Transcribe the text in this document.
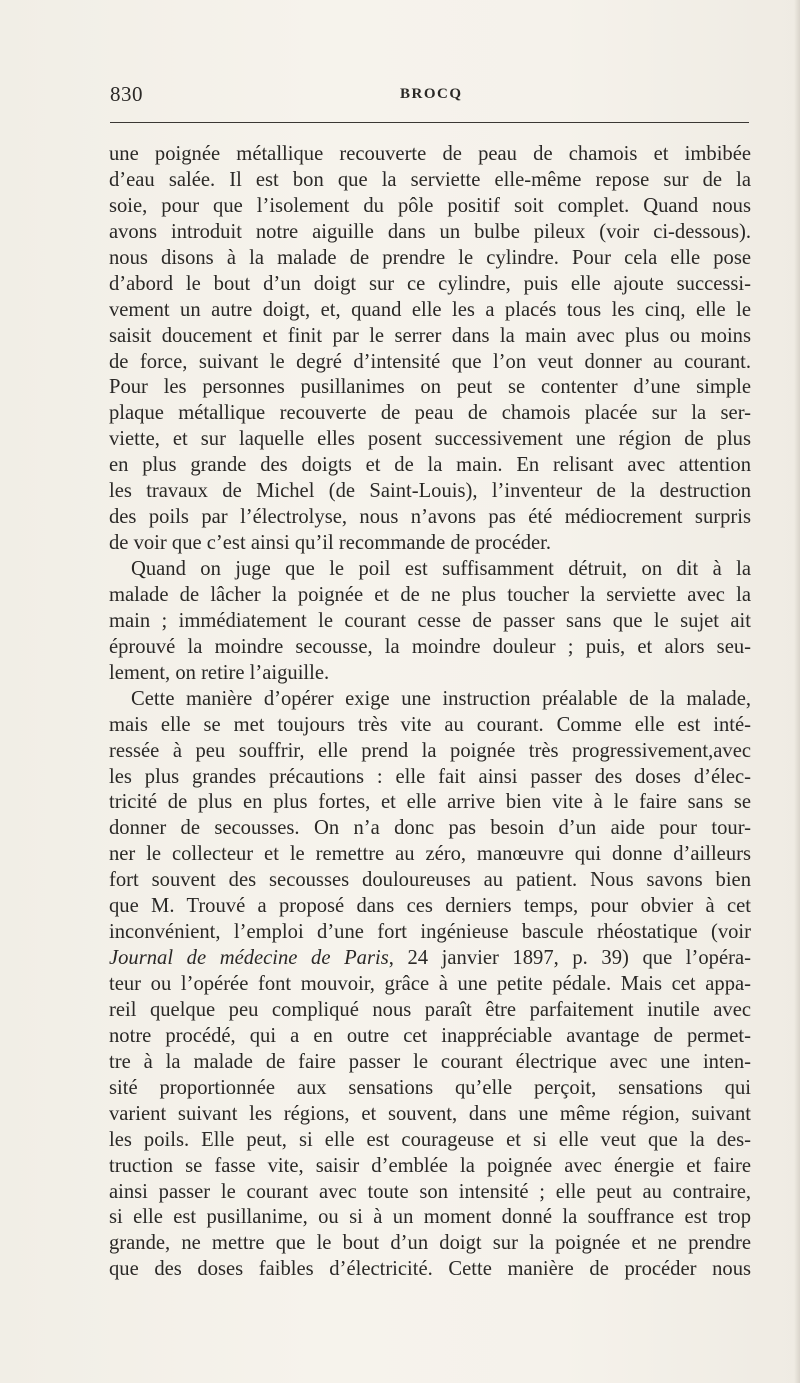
830	BROCQ
une poignée métallique recouverte de peau de chamois et imbibée
d’eau salée. Il est bon que la serviette elle-même repose sur de la
soie, pour que l’isolement du pôle positif soit complet. Quand nous
avons introduit notre aiguille dans un bulbe pileux (voir ci-dessous).
nous disons à la malade de prendre le cylindre. Pour cela elle pose
d’abord le bout d’un doigt sur ce cylindre, puis elle ajoute successi-
vement un autre doigt, et, quand elle les a placés tous les cinq, elle le
saisit doucement et finit par le serrer dans la main avec plus ou moins
de force, suivant le degré d’intensité que l’on veut donner au courant.
Pour les personnes pusillanimes on peut se contenter d’une simple
plaque métallique recouverte de peau de chamois placée sur la ser-
viette, et sur laquelle elles posent successivement une région de plus
en plus grande des doigts et de la main. En relisant avec attention
les travaux de Michel (de Saint-Louis), l’inventeur de la destruction
des poils par l’électrolyse, nous n’avons pas été médiocrement surpris
de voir que c’est ainsi qu’il recommande de procéder.
Quand on juge que le poil est suffisamment détruit, on dit à la
malade de lâcher la poignée et de ne plus toucher la serviette avec la
main ; immédiatement le courant cesse de passer sans que le sujet ait
éprouvé la moindre secousse, la moindre douleur ; puis, et alors seu-
lement, on retire l’aiguille.
Cette manière d’opérer exige une instruction préalable de la malade,
mais elle se met toujours très vite au courant. Comme elle est inté-
ressée à peu souffrir, elle prend la poignée très progressivement,avec
les plus grandes précautions : elle fait ainsi passer des doses d’élec-
tricité de plus en plus fortes, et elle arrive bien vite à le faire sans se
donner de secousses. On n’a donc pas besoin d’un aide pour tour-
ner le collecteur et le remettre au zéro, manœuvre qui donne d’ailleurs
fort souvent des secousses douloureuses au patient. Nous savons bien
que M. Trouvé a proposé dans ces derniers temps, pour obvier à cet
inconvénient, l’emploi d’une fort ingénieuse bascule rhéostatique (voir
Journal de médecine de Paris, 24 janvier 1897, p. 39) que l’opéra-
teur ou l’opérée font mouvoir, grâce à une petite pédale. Mais cet appa-
reil quelque peu compliqué nous paraît être parfaitement inutile avec
notre procédé, qui a en outre cet inappréciable avantage de permet-
tre à la malade de faire passer le courant électrique avec une inten-
sité proportionnée aux sensations qu’elle perçoit, sensations qui
varient suivant les régions, et souvent, dans une même région, suivant
les poils. Elle peut, si elle est courageuse et si elle veut que la des-
truction se fasse vite, saisir d’emblée la poignée avec énergie et faire
ainsi passer le courant avec toute son intensité ; elle peut au contraire,
si elle est pusillanime, ou si à un moment donné la souffrance est trop
grande, ne mettre que le bout d’un doigt sur la poignée et ne prendre
que des doses faibles d’électricité. Cette manière de procéder nous
